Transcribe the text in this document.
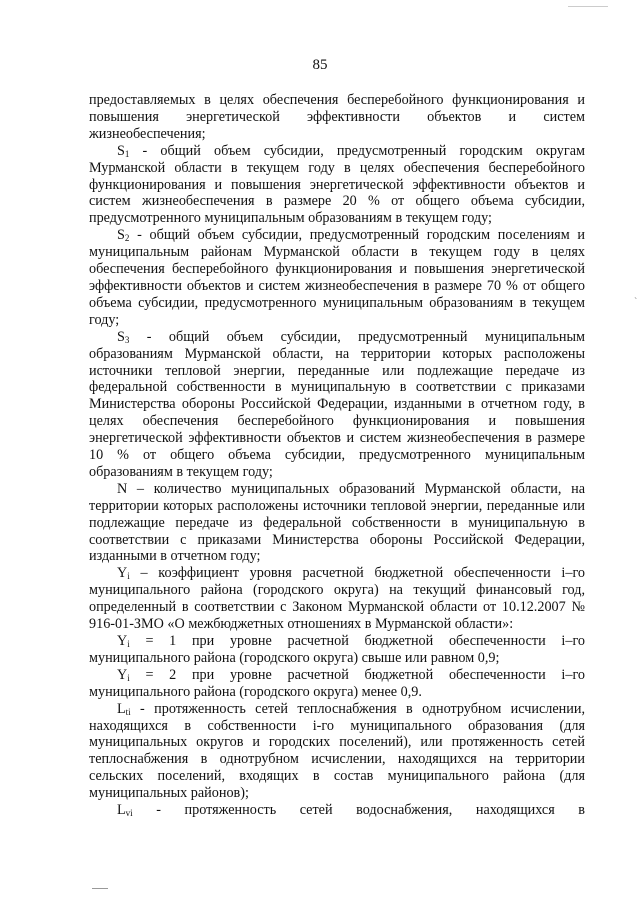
85

предоставляемых в целях обеспечения бесперебойного функционирования и повышения энергетической эффективности объектов и систем жизнеобеспечения;

$S_1$ - общий объем субсидии, предусмотренный городским округам Мурманской области в текущем году в целях обеспечения бесперебойного функционирования и повышения энергетической эффективности объектов и систем жизнеобеспечения в размере 20 % от общего объема субсидии, предусмотренного муниципальным образованиям в текущем году;

$S_2$ - общий объем субсидии, предусмотренный городским поселениям и муниципальным районам Мурманской области в текущем году в целях обеспечения бесперебойного функционирования и повышения энергетической эффективности объектов и систем жизнеобеспечения в размере 70 % от общего объема субсидии, предусмотренного муниципальным образованиям в текущем году;

$S_3$ - общий объем субсидии, предусмотренный муниципальным образованиям Мурманской области, на территории которых расположены источники тепловой энергии, переданные или подлежащие передаче из федеральной собственности в муниципальную в соответствии с приказами Министерства обороны Российской Федерации, изданными в отчетном году, в целях обеспечения бесперебойного функционирования и повышения энергетической эффективности объектов и систем жизнеобеспечения в размере 10 % от общего объема субсидии, предусмотренного муниципальным образованиям в текущем году;

N – количество муниципальных образований Мурманской области, на территории которых расположены источники тепловой энергии, переданные или подлежащие передаче из федеральной собственности в муниципальную в соответствии с приказами Министерства обороны Российской Федерации, изданными в отчетном году;

$Y_i$ – коэффициент уровня расчетной бюджетной обеспеченности i–го муниципального района (городского округа) на текущий финансовый год, определенный в соответствии с Законом Мурманской области от 10.12.2007 № 916-01-ЗМО «О межбюджетных отношениях в Мурманской области»:

$Y_i = 1$ при уровне расчетной бюджетной обеспеченности i–го муниципального района (городского округа) свыше или равном 0,9;

$Y_i = 2$ при уровне расчетной бюджетной обеспеченности i–го муниципального района (городского округа) менее 0,9.

$L_{ti}$ - протяженность сетей теплоснабжения в однотрубном исчислении, находящихся в собственности i-го муниципального образования (для муниципальных округов и городских поселений), или протяженность сетей теплоснабжения в однотрубном исчислении, находящихся на территории сельских поселений, входящих в состав муниципального района (для муниципальных районов);

$L_{vi}$ - протяженность сетей водоснабжения, находящихся в

`
